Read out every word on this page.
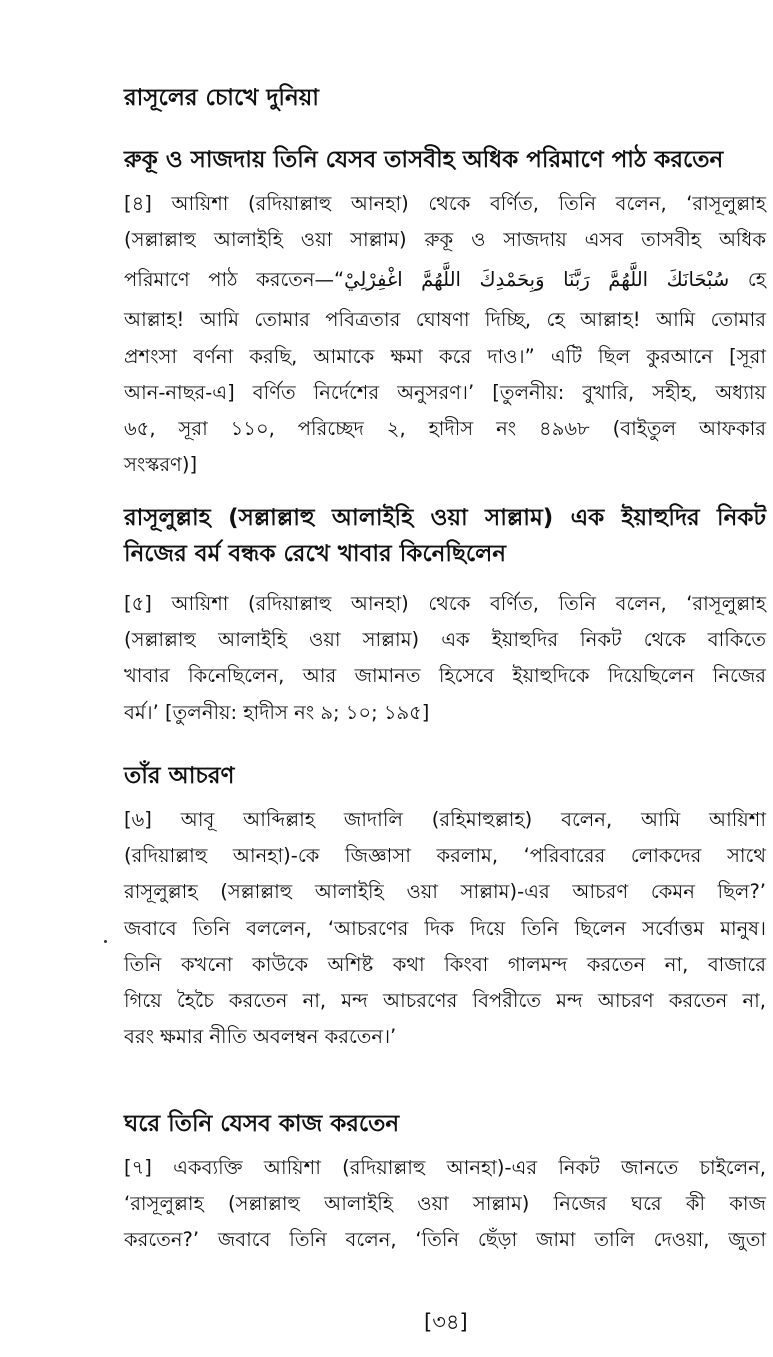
রাসূলের চোখে দুনিয়া
রুকূ ও সাজদায় তিনি যেসব তাসবীহ অধিক পরিমাণে পাঠ করতেন
[৪] আয়িশা (রদিয়াল্লাহু আনহা) থেকে বর্ণিত, তিনি বলেন, ‘রাসূলুল্লাহ
(সল্লাল্লাহু আলাইহি ওয়া সাল্লাম) রুকূ ও সাজদায় এসব তাসবীহ অধিক
পরিমাণে পাঠ করতেন—“سُبْحَانَكَ اللَّهُمَّ رَبَّنَا وَبِحَمْدِكَ اللَّهُمَّ اغْفِرْلِيْ হে
আল্লাহ! আমি তোমার পবিত্রতার ঘোষণা দিচ্ছি, হে আল্লাহ! আমি তোমার
প্রশংসা বর্ণনা করছি, আমাকে ক্ষমা করে দাও।” এটি ছিল কুরআনে [সূরা
আন-নাছর-এ] বর্ণিত নির্দেশের অনুসরণ।’ [তুলনীয়: বুখারি, সহীহ, অধ্যায়
৬৫, সূরা ১১০, পরিচ্ছেদ ২, হাদীস নং ৪৯৬৮ (বাইতুল আফকার
সংস্করণ)]
রাসূলুল্লাহ (সল্লাল্লাহু আলাইহি ওয়া সাল্লাম) এক ইয়াহুদির নিকট
নিজের বর্ম বন্ধক রেখে খাবার কিনেছিলেন
[৫] আয়িশা (রদিয়াল্লাহু আনহা) থেকে বর্ণিত, তিনি বলেন, ‘রাসূলুল্লাহ
(সল্লাল্লাহু আলাইহি ওয়া সাল্লাম) এক ইয়াহুদির নিকট থেকে বাকিতে
খাবার কিনেছিলেন, আর জামানত হিসেবে ইয়াহুদিকে দিয়েছিলেন নিজের
বর্ম।’ [তুলনীয়: হাদীস নং ৯; ১০; ১৯৫]
তাঁর আচরণ
[৬] আবূ আব্দিল্লাহ জাদালি (রহিমাহুল্লাহ) বলেন, আমি আয়িশা
(রদিয়াল্লাহু আনহা)-কে জিজ্ঞাসা করলাম, ‘পরিবারের লোকদের সাথে
রাসূলুল্লাহ (সল্লাল্লাহু আলাইহি ওয়া সাল্লাম)-এর আচরণ কেমন ছিল?’
জবাবে তিনি বললেন, ‘আচরণের দিক দিয়ে তিনি ছিলেন সর্বোত্তম মানুষ।
তিনি কখনো কাউকে অশিষ্ট কথা কিংবা গালমন্দ করতেন না, বাজারে
গিয়ে হৈচৈ করতেন না, মন্দ আচরণের বিপরীতে মন্দ আচরণ করতেন না,
বরং ক্ষমার নীতি অবলম্বন করতেন।’
ঘরে তিনি যেসব কাজ করতেন
[৭] একব্যক্তি আয়িশা (রদিয়াল্লাহু আনহা)-এর নিকট জানতে চাইলেন,
‘রাসূলুল্লাহ (সল্লাল্লাহু আলাইহি ওয়া সাল্লাম) নিজের ঘরে কী কাজ
করতেন?’ জবাবে তিনি বলেন, ‘তিনি ছেঁড়া জামা তালি দেওয়া, জুতা
[৩৪]
